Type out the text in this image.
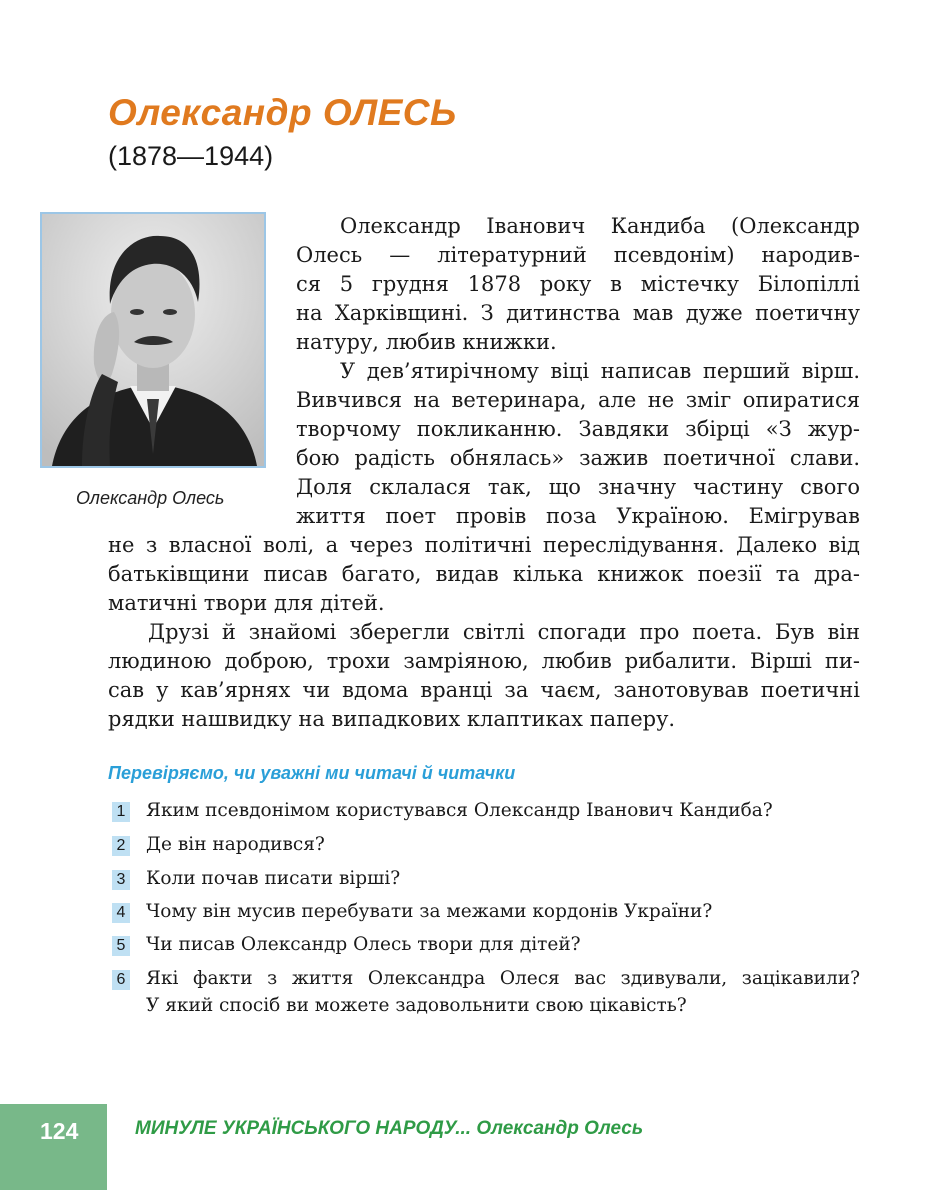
Олександр ОЛЕСЬ
(1878—1944)
Олександр Олесь
Олександр Іванович Кандиба (Олександр
Олесь — літературний псевдонім) народив-
ся 5 грудня 1878 року в містечку Білопіллі
на Харківщині. З дитинства мав дуже поетичну
натуру, любив книжки.
У дев’ятирічному віці написав перший вірш.
Вивчився на ветеринара, але не зміг опиратися
творчому покликанню. Завдяки збірці «З жур-
бою радість обнялась» зажив поетичної слави.
Доля склалася так, що значну частину свого
життя поет провів поза Україною. Емігрував
не з власної волі, а через політичні переслідування. Далеко від
батьківщини писав багато, видав кілька книжок поезії та дра-
матичні твори для дітей.
Друзі й знайомі зберегли світлі спогади про поета. Був він
людиною доброю, трохи замріяною, любив рибалити. Вірші пи-
сав у кав’ярнях чи вдома вранці за чаєм, занотовував поетичні
рядки нашвидку на випадкових клаптиках паперу.
Перевіряємо, чи уважні ми читачі й читачки
1 Яким псевдонімом користувався Олександр Іванович Кандиба?
2 Де він народився?
3 Коли почав писати вірші?
4 Чому він мусив перебувати за межами кордонів України?
5 Чи писав Олександр Олесь твори для дітей?
6 Які факти з життя Олександра Олеся вас здивували, зацікавили?
У який спосіб ви можете задовольнити свою цікавість?
124	МИНУЛЕ УКРАЇНСЬКОГО НАРОДУ... Олександр Олесь
